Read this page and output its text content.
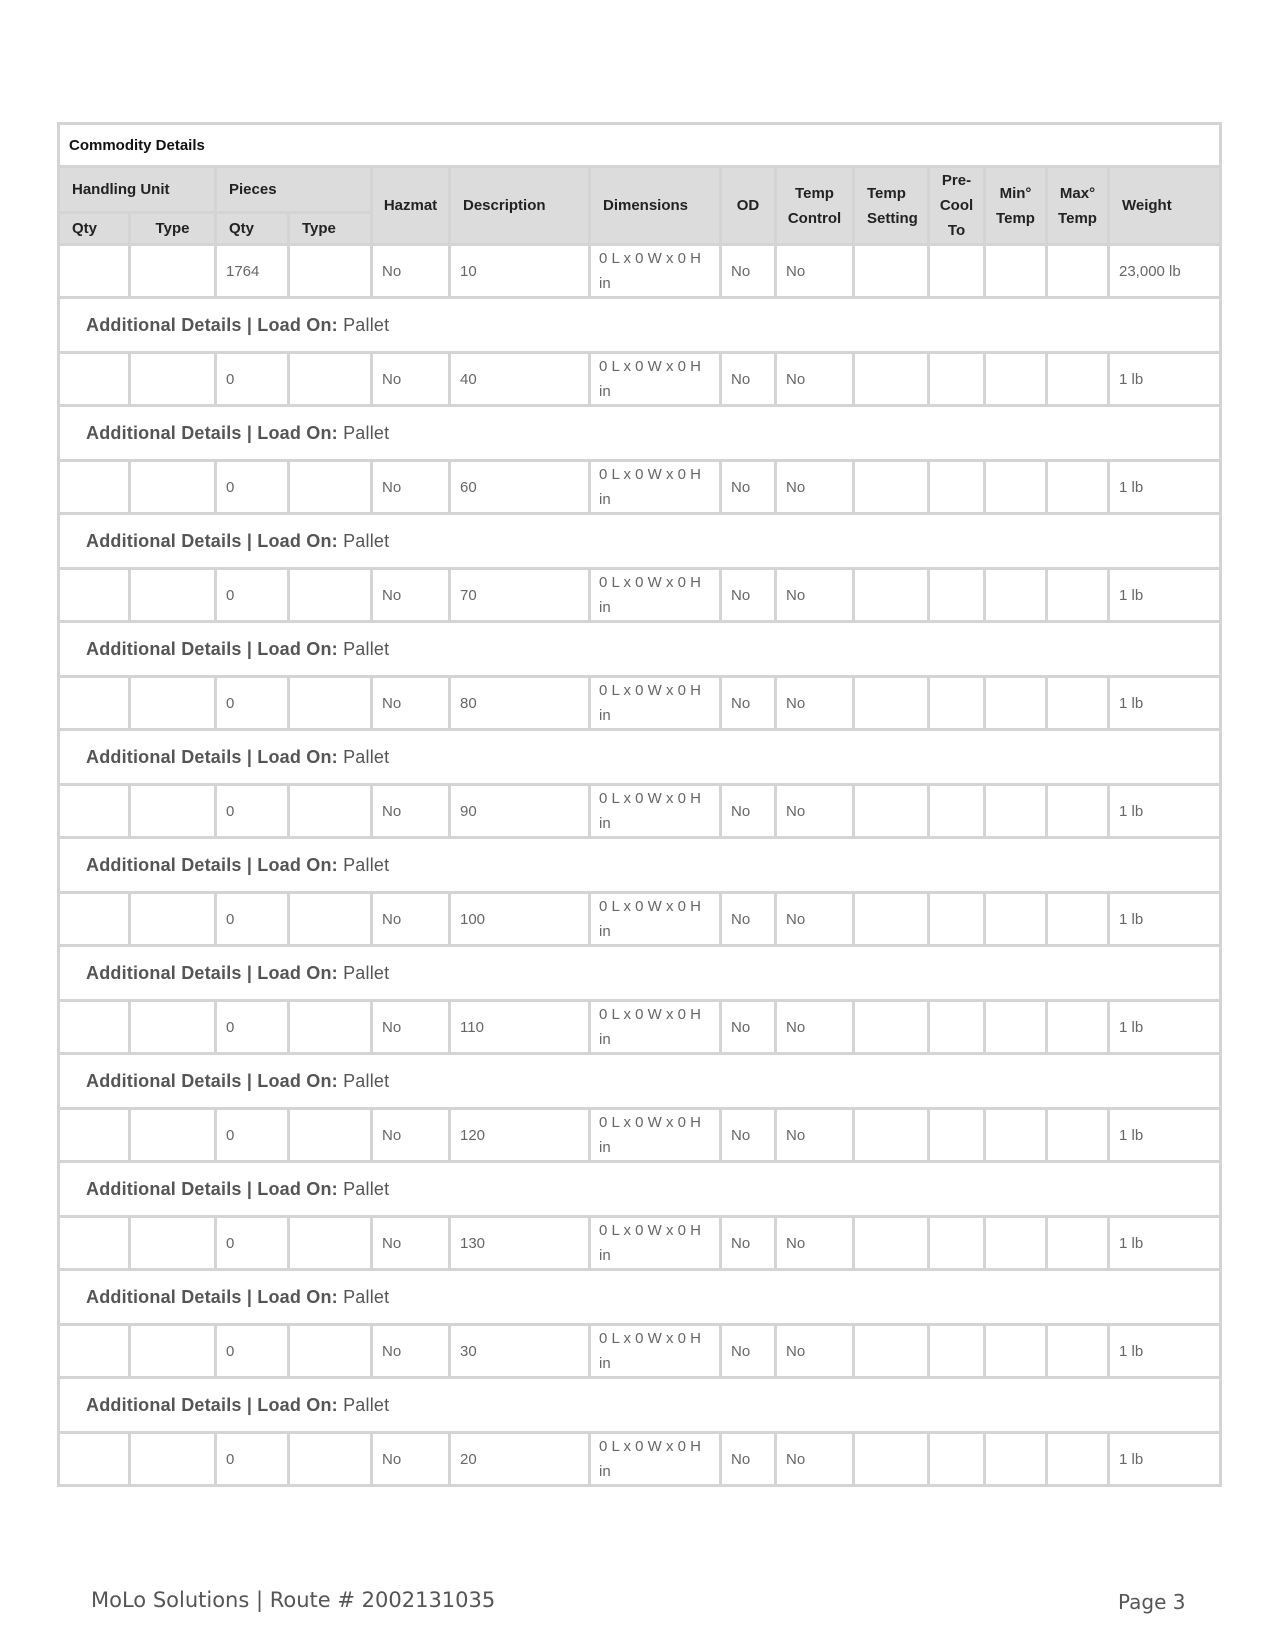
Commodity Details													
Handling Unit		Pieces		Hazmat	Description	Dimensions	OD	Temp Control	Temp Setting	Pre-Cool To	Min° Temp	Max° Temp	Weight
Qty	Type	Qty	Type										
		1764		No	10	0 L x 0 W x 0 H in	No	No					23,000 lb
Additional Details | Load On: Pallet													
		0		No	40	0 L x 0 W x 0 H in	No	No					1 lb
Additional Details | Load On: Pallet													
		0		No	60	0 L x 0 W x 0 H in	No	No					1 lb
Additional Details | Load On: Pallet													
		0		No	70	0 L x 0 W x 0 H in	No	No					1 lb
Additional Details | Load On: Pallet													
		0		No	80	0 L x 0 W x 0 H in	No	No					1 lb
Additional Details | Load On: Pallet													
		0		No	90	0 L x 0 W x 0 H in	No	No					1 lb
Additional Details | Load On: Pallet													
		0		No	100	0 L x 0 W x 0 H in	No	No					1 lb
Additional Details | Load On: Pallet													
		0		No	110	0 L x 0 W x 0 H in	No	No					1 lb
Additional Details | Load On: Pallet													
		0		No	120	0 L x 0 W x 0 H in	No	No					1 lb
Additional Details | Load On: Pallet													
		0		No	130	0 L x 0 W x 0 H in	No	No					1 lb
Additional Details | Load On: Pallet													
		0		No	30	0 L x 0 W x 0 H in	No	No					1 lb
Additional Details | Load On: Pallet													
		0		No	20	0 L x 0 W x 0 H in	No	No					1 lb
MoLo Solutions | Route # 2002131035	Page 3
